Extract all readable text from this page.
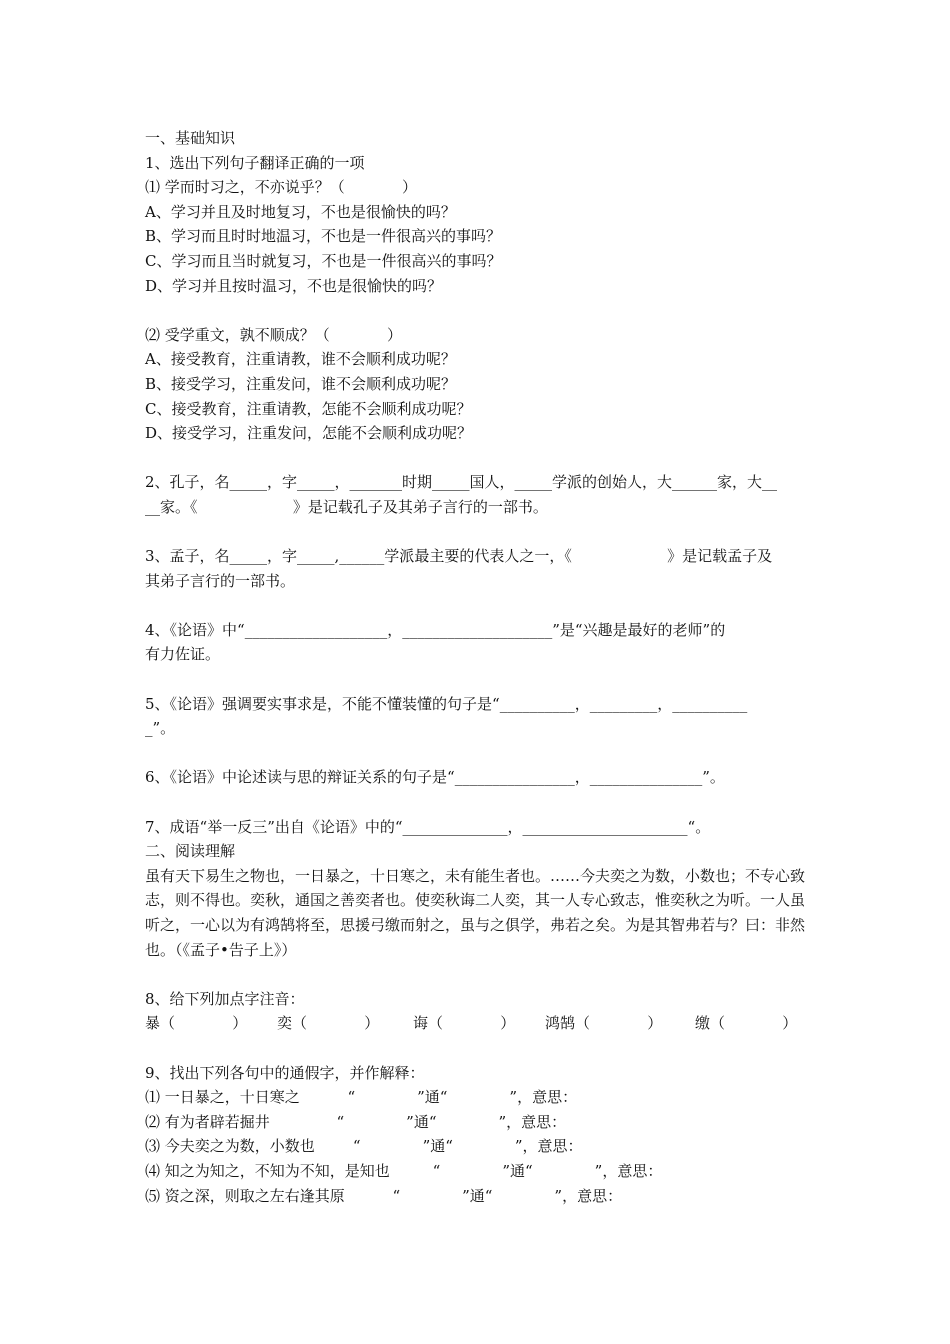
一、基础知识
1、选出下列句子翻译正确的一项
⑴ 学而时习之，不亦说乎？（            ）
A、学习并且及时地复习，不也是很愉快的吗？
B、学习而且时时地温习，不也是一件很高兴的事吗？
C、学习而且当时就复习，不也是一件很高兴的事吗？
D、学习并且按时温习，不也是很愉快的吗？
⑵ 受学重文，孰不顺成？（            ）
A、接受教育，注重请教，谁不会顺利成功呢？
B、接受学习，注重发问，谁不会顺利成功呢？
C、接受教育，注重请教，怎能不会顺利成功呢？
D、接受学习，注重发问，怎能不会顺利成功呢？
2、孔子，名_____，字_____，_______时期_____国人，_____学派的创始人，大______家，大__
__家。《                    》是记载孔子及其弟子言行的一部书。
3、孟子，名_____，字_____,______学派最主要的代表人之一，《                    》是记载孟子及
其弟子言行的一部书。
4、《论语》中“___________________，____________________”是“兴趣是最好的老师”的
有力佐证。
5、《论语》强调要实事求是，不能不懂装懂的句子是“__________，_________，__________
_”。
6、《论语》中论述读与思的辩证关系的句子是“________________，_______________”。
7、成语“举一反三”出自《论语》中的“______________，______________________“。
二、阅读理解
虽有天下易生之物也，一日暴之，十日寒之，未有能生者也。……今夫奕之为数，小数也；不专心致志，则不得也。奕秋，通国之善奕者也。使奕秋诲二人奕，其一人专心致志，惟奕秋之为听。一人虽听之，一心以为有鸿鹄将至，思援弓缴而射之，虽与之俱学，弗若之矣。为是其智弗若与？曰：非然也。（《孟子•告子上》）
8、给下列加点字注音：
暴（            ）	奕（            ）	诲（            ）	鸿鹄（            ）	缴（            ）
9、找出下列各句中的通假字，并作解释：
⑴ 一日暴之，十日寒之          “             ”通“             ”，意思：
⑵ 有为者辟若掘井              “             ”通“             ”，意思：
⑶ 今夫奕之为数，小数也        “             ”通“             ”，意思：
⑷ 知之为知之，不知为不知，是知也         “             ”通“             ”，意思：
⑸ 资之深，则取之左右逢其原          “             ”通“             ”，意思：
